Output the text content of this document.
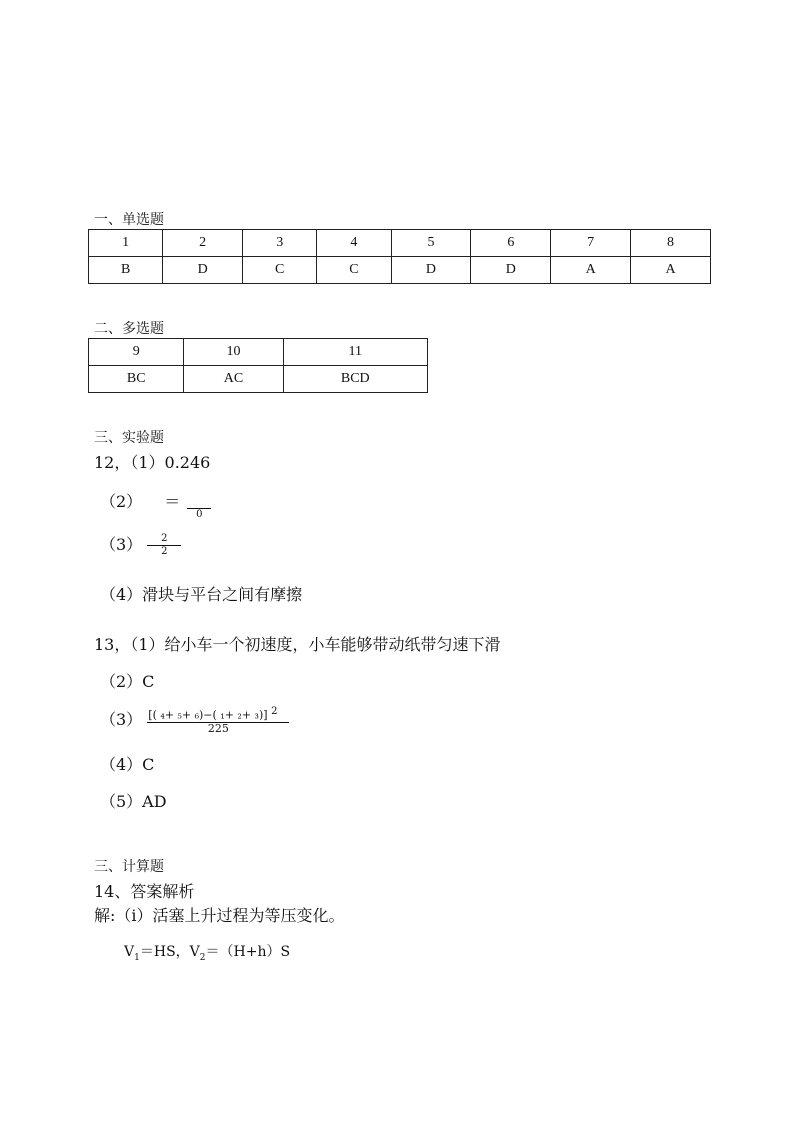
一、单选题
1	2	3	4	5	6	7	8
B	D	C	C	D	D	A	A
二、多选题
9	10	11
BC	AC	BCD
三、实验题
12，（1）0.246
（2） ＝
0
$(3) \frac{2}{2}$
（4）滑块与平台之间有摩擦
13，（1）给小车一个初速度，小车能够带动纸带匀速下滑
（2）C
$(3) \frac{\text{[( ₄+ ₅+ ₆)−( ₁+ ₂+ ₃)] 2}}{225}$
（4）C
（5）AD
三、计算题
14、答案解析
解:（i）活塞上升过程为等压变化。
$V_1=HS$，$V_2=(H+h)S$
